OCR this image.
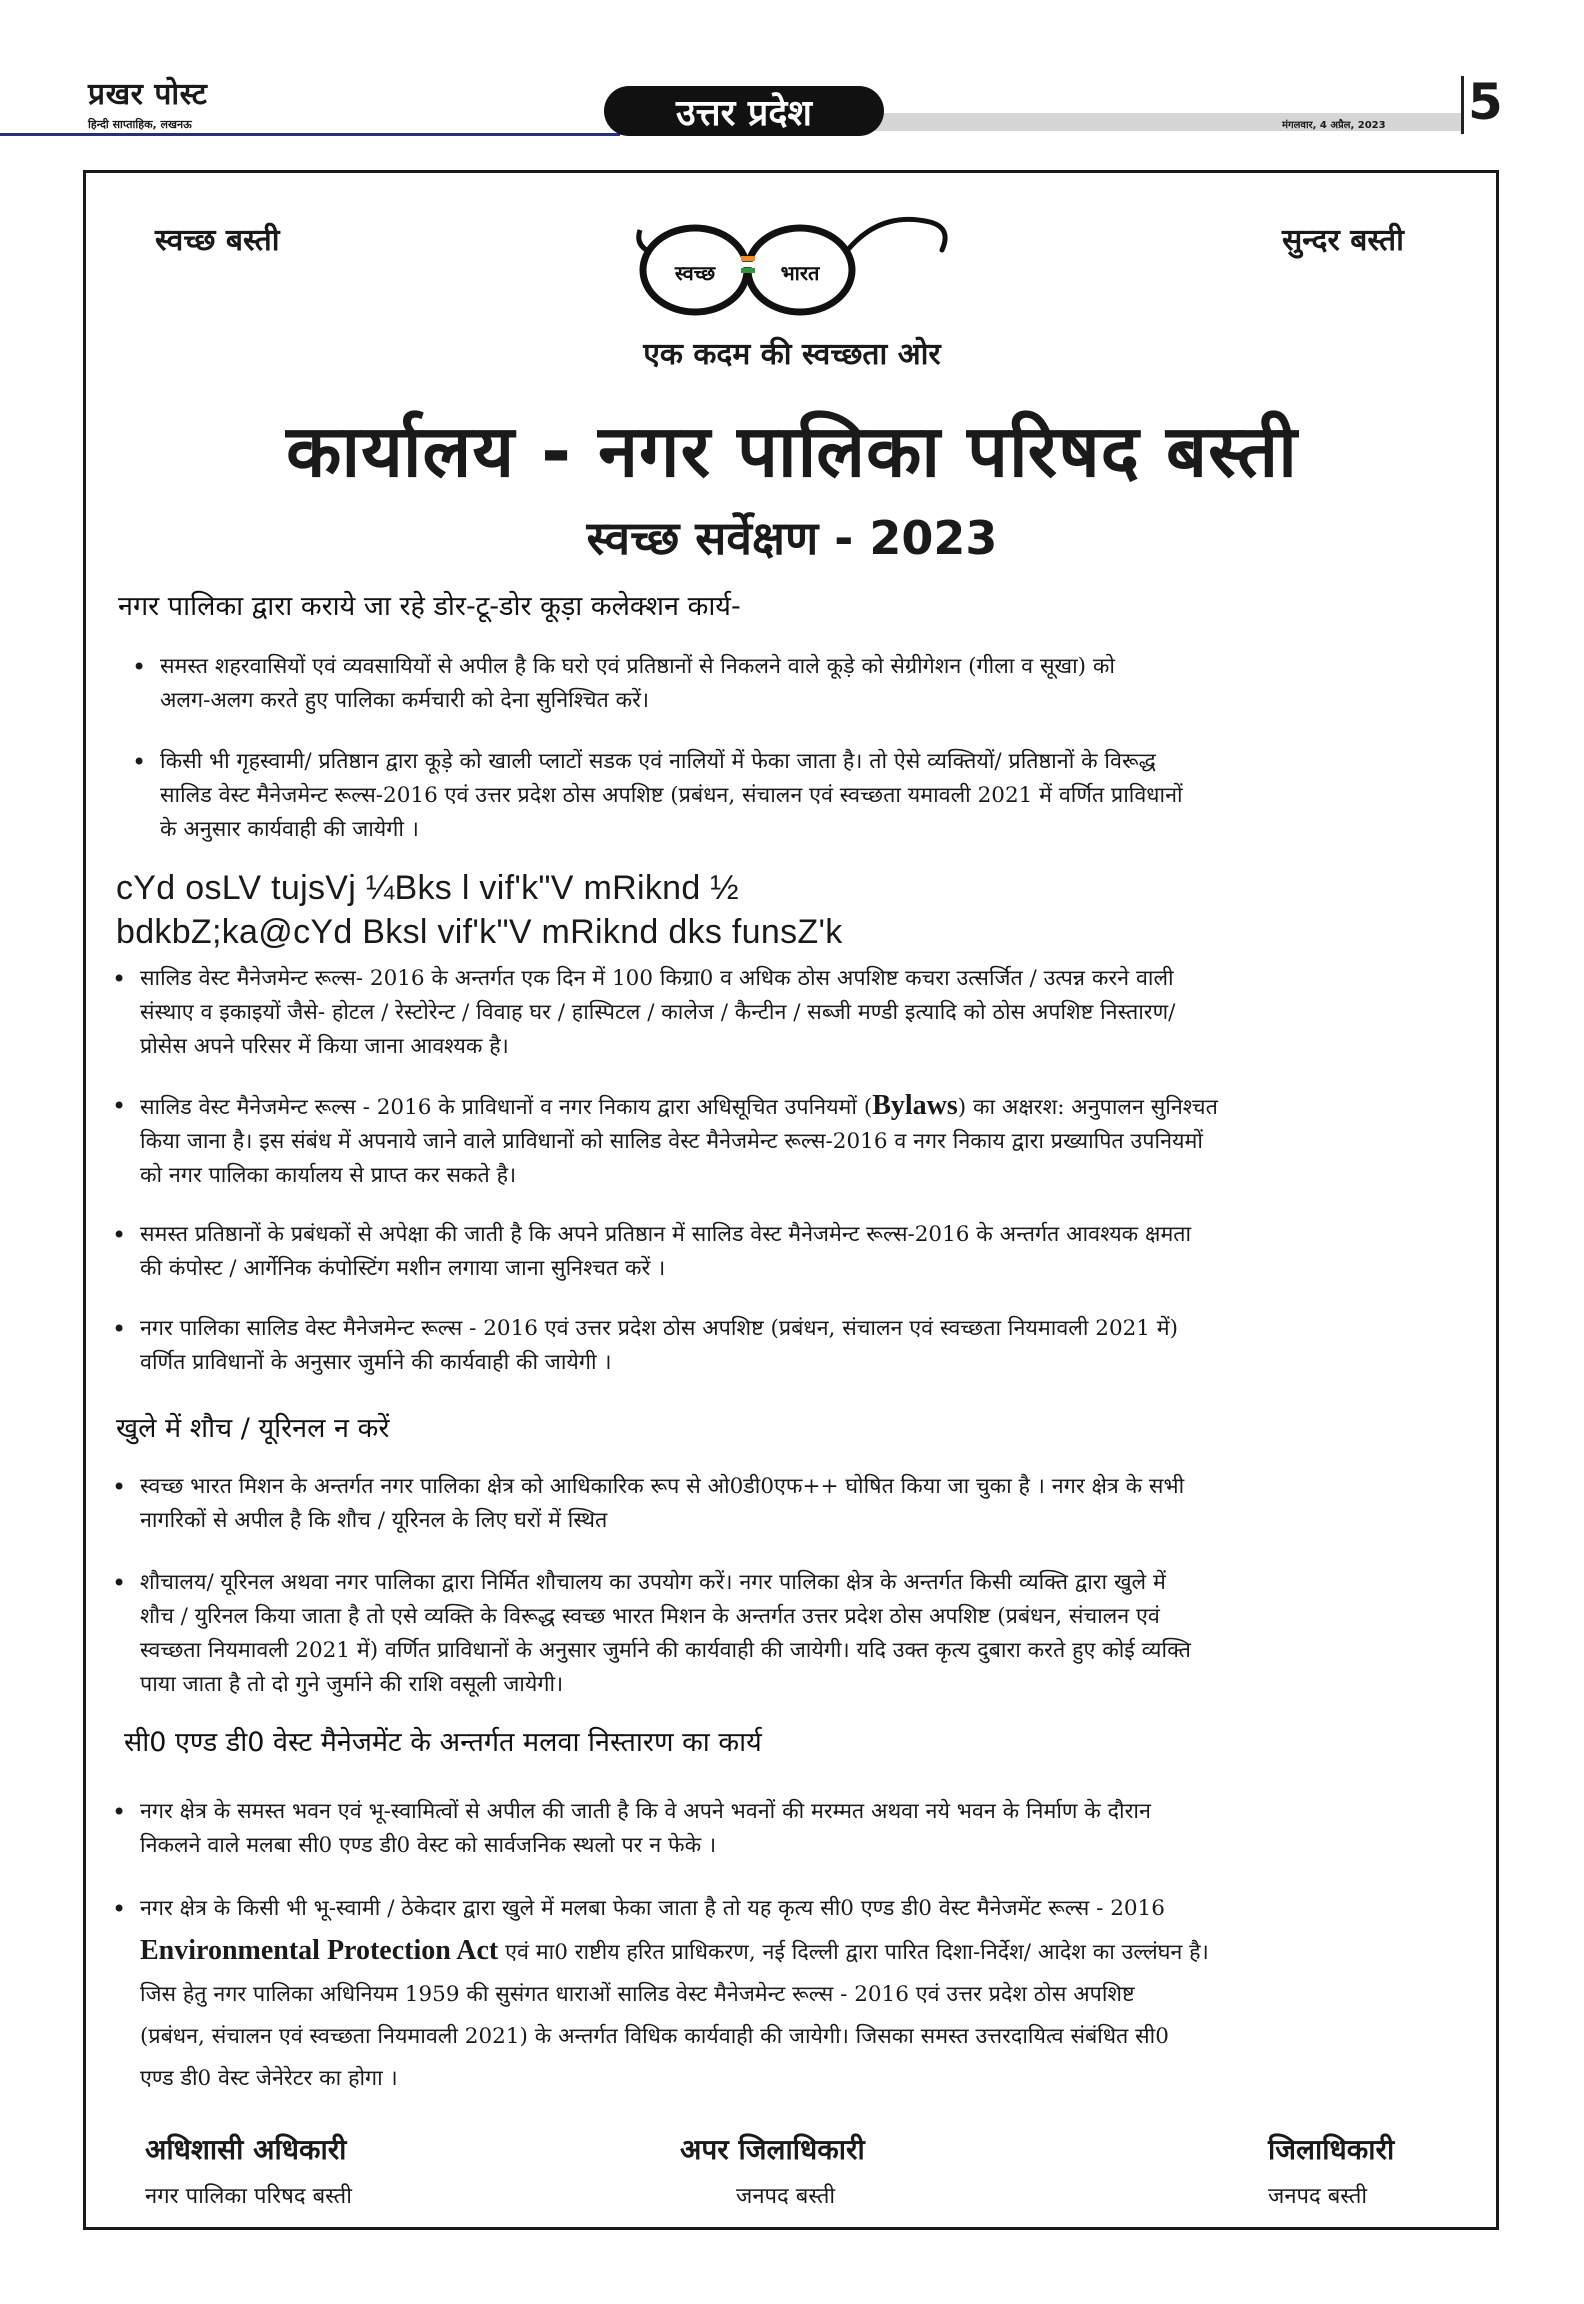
प्रखर पोस्ट
हिन्दी साप्ताहिक, लखनऊ	उत्तर प्रदेश	मंगलवार, 4 अप्रैल, 2023 5
स्वच्छ बस्ती	सुन्दर बस्ती
स्वच्छ	भारत
एक कदम की स्वच्छता ओर
कार्यालय - नगर पालिका परिषद बस्ती
स्वच्छ सर्वेक्षण - 2023
नगर पालिका द्वारा कराये जा रहे डोर-टू-डोर कूड़ा कलेक्शन कार्य-
• समस्त शहरवासियों एवं व्यवसायियों से अपील है कि घरो एवं प्रतिष्ठानों से निकलने वाले कूड़े को सेग्रीगेशन (गीला व सूखा) को
अलग-अलग करते हुए पालिका कर्मचारी को देना सुनिश्चित करें।
• किसी भी गृहस्वामी/ प्रतिष्ठान द्वारा कूड़े को खाली प्लाटों सडक एवं नालियों में फेका जाता है। तो ऐसे व्यक्तियों/ प्रतिष्ठानों के विरूद्ध
सालिड वेस्ट मैनेजमेन्ट रूल्स-2016 एवं उत्तर प्रदेश ठोस अपशिष्ट (प्रबंधन, संचालन एवं स्वच्छता यमावली 2021 में वर्णित प्राविधानों
के अनुसार कार्यवाही की जायेगी ।
cYd osLV tujsVj ¼Bks l vif'k"V mRiknd ½
bdkbZ;ka@cYd Bksl vif'k"V mRiknd dks funsZ'k
• सालिड वेस्ट मैनेजमेन्ट रूल्स- 2016 के अन्तर्गत एक दिन में 100 किग्रा0 व अधिक ठोस अपशिष्ट कचरा उत्सर्जित / उत्पन्न करने वाली
संस्थाए व इकाइयों जैसे- होटल / रेस्टोरेन्ट / विवाह घर / हास्पिटल / कालेज / कैन्टीन / सब्जी मण्डी इत्यादि को ठोस अपशिष्ट निस्तारण/
प्रोसेस अपने परिसर में किया जाना आवश्यक है।
• सालिड वेस्ट मैनेजमेन्ट रूल्स - 2016 के प्राविधानों व नगर निकाय द्वारा अधिसूचित उपनियमों (Bylaws) का अक्षरश: अनुपालन सुनिश्चत
किया जाना है। इस संबंध में अपनाये जाने वाले प्राविधानों को सालिड वेस्ट मैनेजमेन्ट रूल्स-2016 व नगर निकाय द्वारा प्रख्यापित उपनियमों
को नगर पालिका कार्यालय से प्राप्त कर सकते है।
• समस्त प्रतिष्ठानों के प्रबंधकों से अपेक्षा की जाती है कि अपने प्रतिष्ठान में सालिड वेस्ट मैनेजमेन्ट रूल्स-2016 के अन्तर्गत आवश्यक क्षमता
की कंपोस्ट / आर्गेनिक कंपोस्टिंग मशीन लगाया जाना सुनिश्चत करें ।
• नगर पालिका सालिड वेस्ट मैनेजमेन्ट रूल्स - 2016 एवं उत्तर प्रदेश ठोस अपशिष्ट (प्रबंधन, संचालन एवं स्वच्छता नियमावली 2021 में)
वर्णित प्राविधानों के अनुसार जुर्माने की कार्यवाही की जायेगी ।
खुले में शौच / यूरिनल न करें
• स्वच्छ भारत मिशन के अन्तर्गत नगर पालिका क्षेत्र को आधिकारिक रूप से ओ0डी0एफ++ घोषित किया जा चुका है । नगर क्षेत्र के सभी
नागरिकों से अपील है कि शौच / यूरिनल के लिए घरों में स्थित
• शौचालय/ यूरिनल अथवा नगर पालिका द्वारा निर्मित शौचालय का उपयोग करें। नगर पालिका क्षेत्र के अन्तर्गत किसी व्यक्ति द्वारा खुले में
शौच / युरिनल किया जाता है तो एसे व्यक्ति के विरूद्ध स्वच्छ भारत मिशन के अन्तर्गत उत्तर प्रदेश ठोस अपशिष्ट (प्रबंधन, संचालन एवं
स्वच्छता नियमावली 2021 में) वर्णित प्राविधानों के अनुसार जुर्माने की कार्यवाही की जायेगी। यदि उक्त कृत्य दुबारा करते हुए कोई व्यक्ति
पाया जाता है तो दो गुने जुर्माने की राशि वसूली जायेगी।
सी0 एण्ड डी0 वेस्ट मैनेजमेंट के अन्तर्गत मलवा निस्तारण का कार्य
• नगर क्षेत्र के समस्त भवन एवं भू-स्वामित्वों से अपील की जाती है कि वे अपने भवनों की मरम्मत अथवा नये भवन के निर्माण के दौरान
निकलने वाले मलबा सी0 एण्ड डी0 वेस्ट को सार्वजनिक स्थलो पर न फेके ।
• नगर क्षेत्र के किसी भी भू-स्वामी / ठेकेदार द्वारा खुले में मलबा फेका जाता है तो यह कृत्य सी0 एण्ड डी0 वेस्ट मैनेजमेंट रूल्स - 2016
Environmental Protection Act एवं मा0 राष्टीय हरित प्राधिकरण, नई दिल्ली द्वारा पारित दिशा-निर्देश/ आदेश का उल्लंघन है।
जिस हेतु नगर पालिका अधिनियम 1959 की सुसंगत धाराओं सालिड वेस्ट मैनेजमेन्ट रूल्स - 2016 एवं उत्तर प्रदेश ठोस अपशिष्ट
(प्रबंधन, संचालन एवं स्वच्छता नियमावली 2021) के अन्तर्गत विधिक कार्यवाही की जायेगी। जिसका समस्त उत्तरदायित्व संबंधित सी0
एण्ड डी0 वेस्ट जेनेरेटर का होगा ।
अधिशासी अधिकारी
नगर पालिका परिषद बस्ती
अपर जिलाधिकारी
जनपद बस्ती
जिलाधिकारी
जनपद बस्ती
